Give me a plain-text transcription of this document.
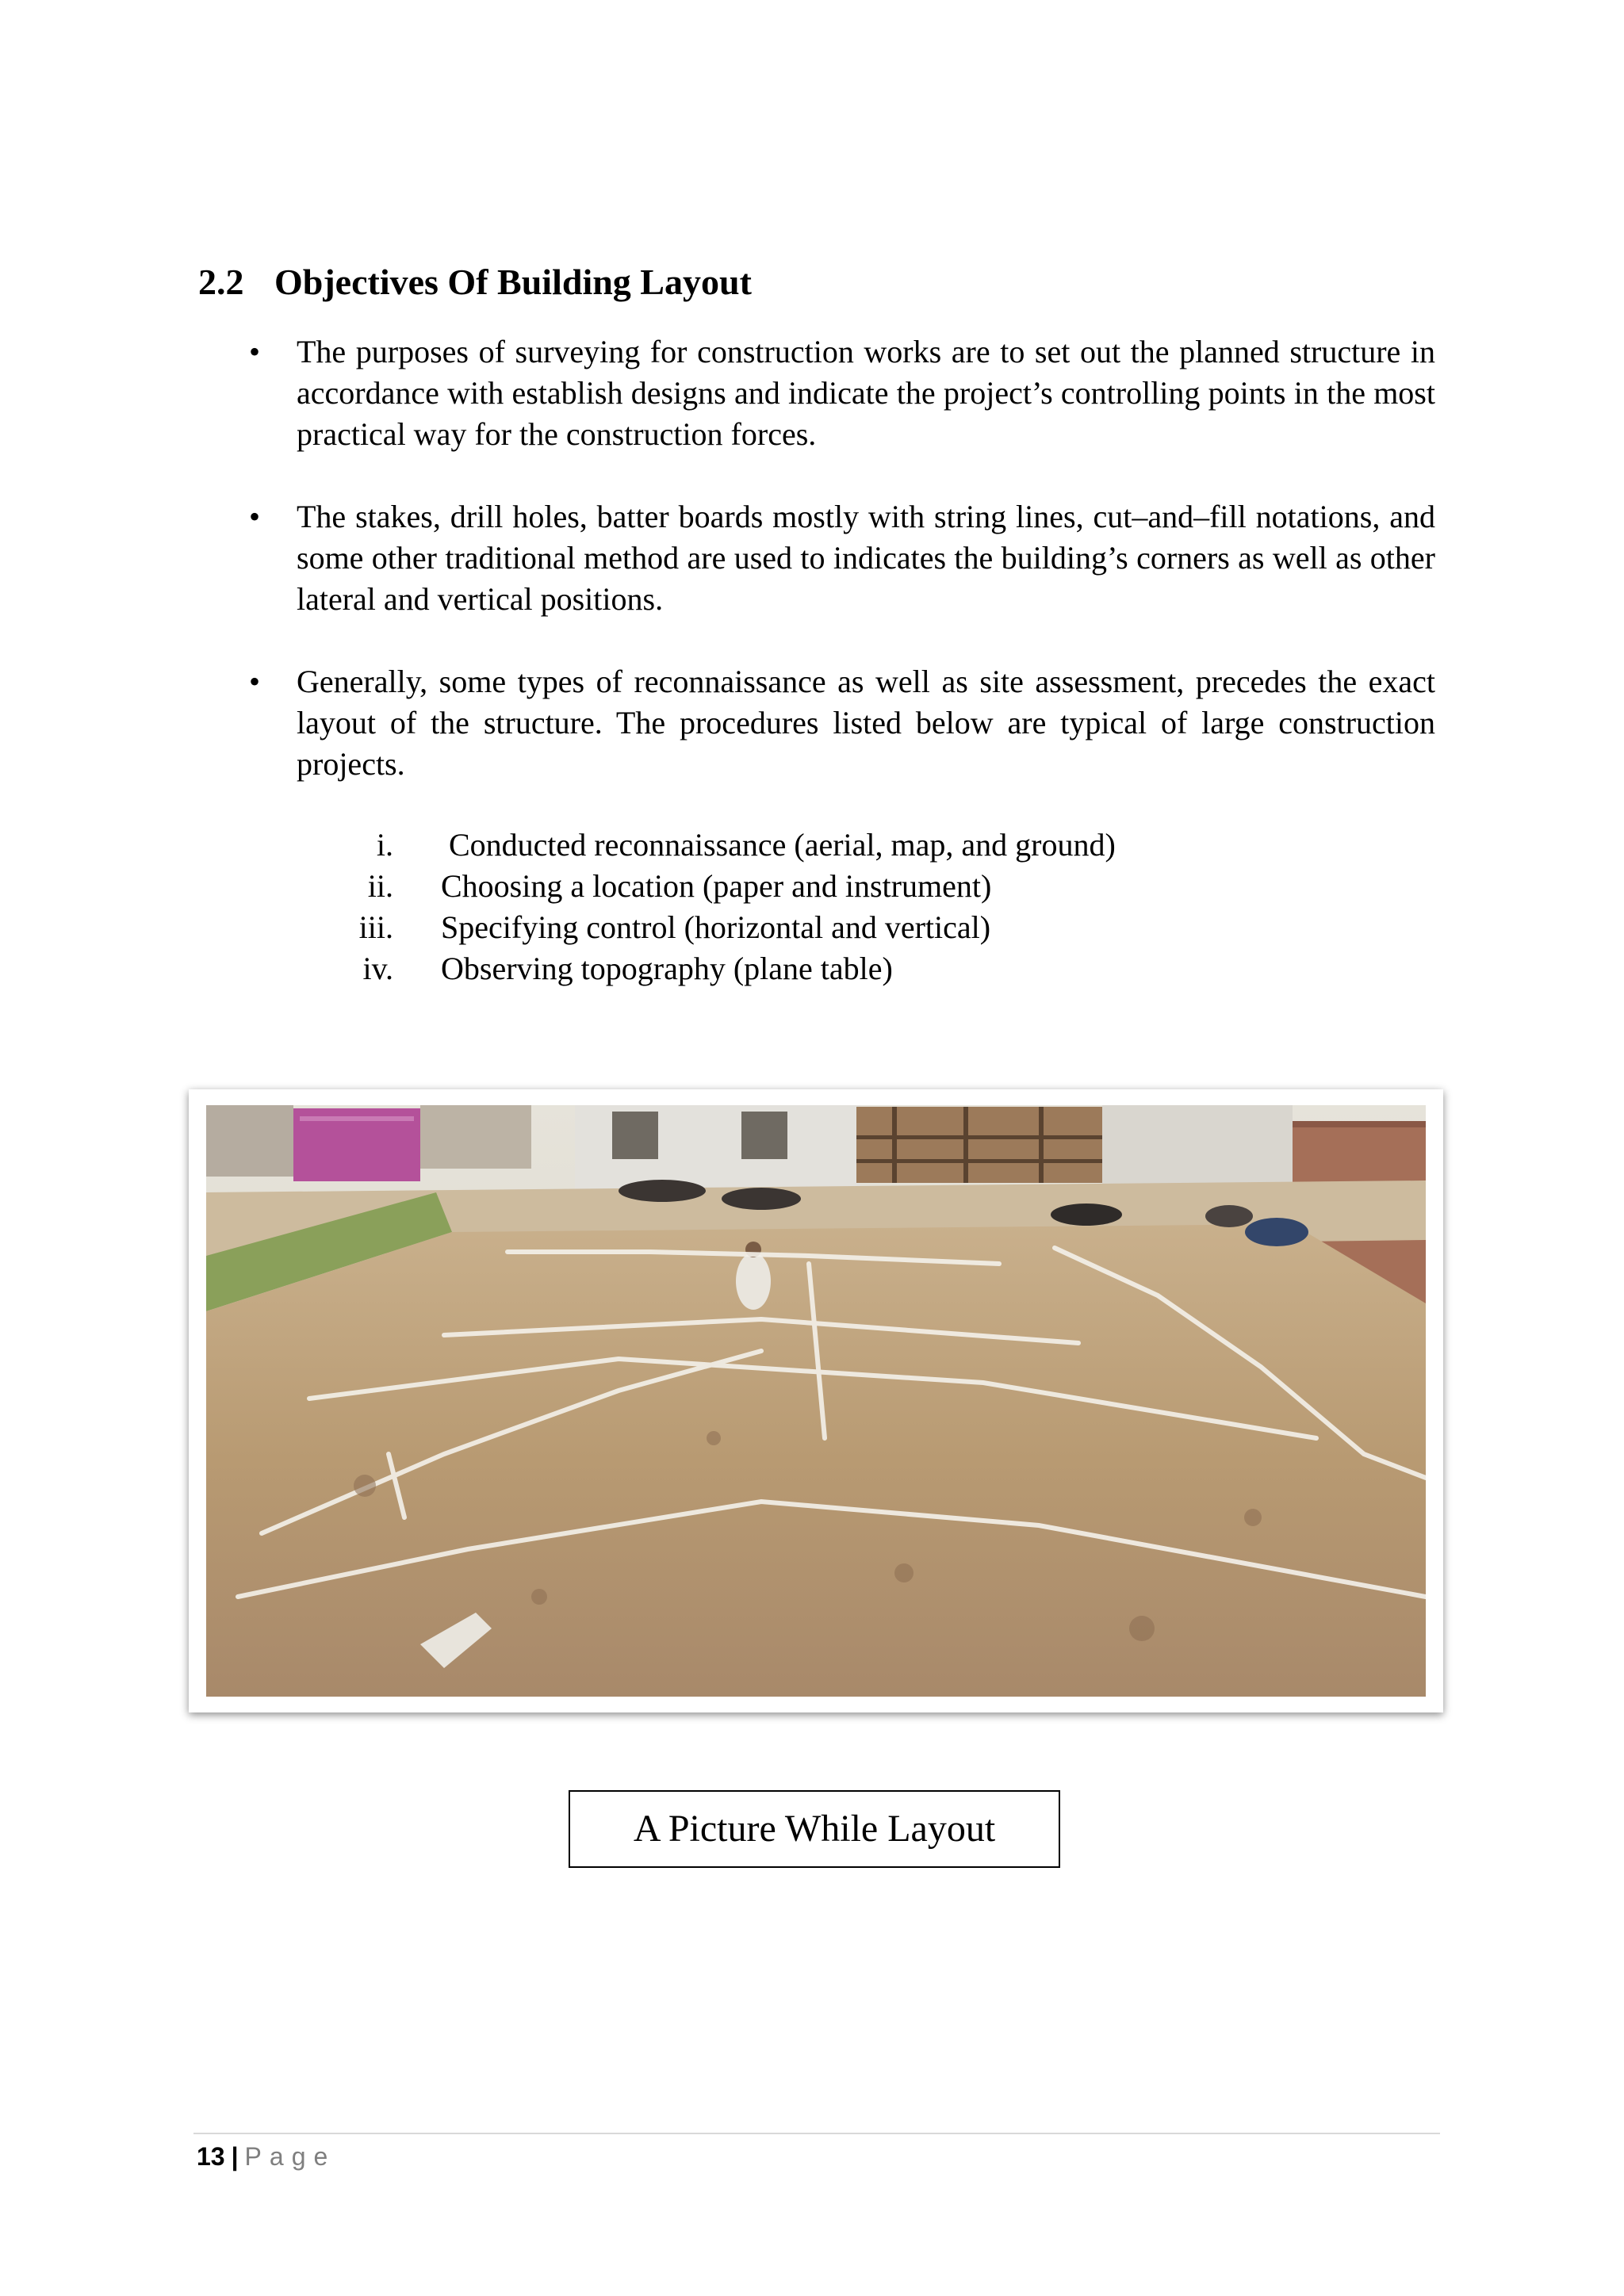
2.2 Objectives Of Building Layout
• The purposes of surveying for construction works are to set out the planned structure in accordance with establish designs and indicate the project’s controlling points in the most practical way for the construction forces.

• The stakes, drill holes, batter boards mostly with string lines, cut–and–fill notations, and some other traditional method are used to indicates the building’s corners as well as other lateral and vertical positions.

• Generally, some types of reconnaissance as well as site assessment, precedes the exact layout of the structure. The procedures listed below are typical of large construction projects.

i. Conducted reconnaissance (aerial, map, and ground)
ii. Choosing a location (paper and instrument)
iii. Specifying control (horizontal and vertical)
iv. Observing topography (plane table)
A Picture While Layout
13 | Page
